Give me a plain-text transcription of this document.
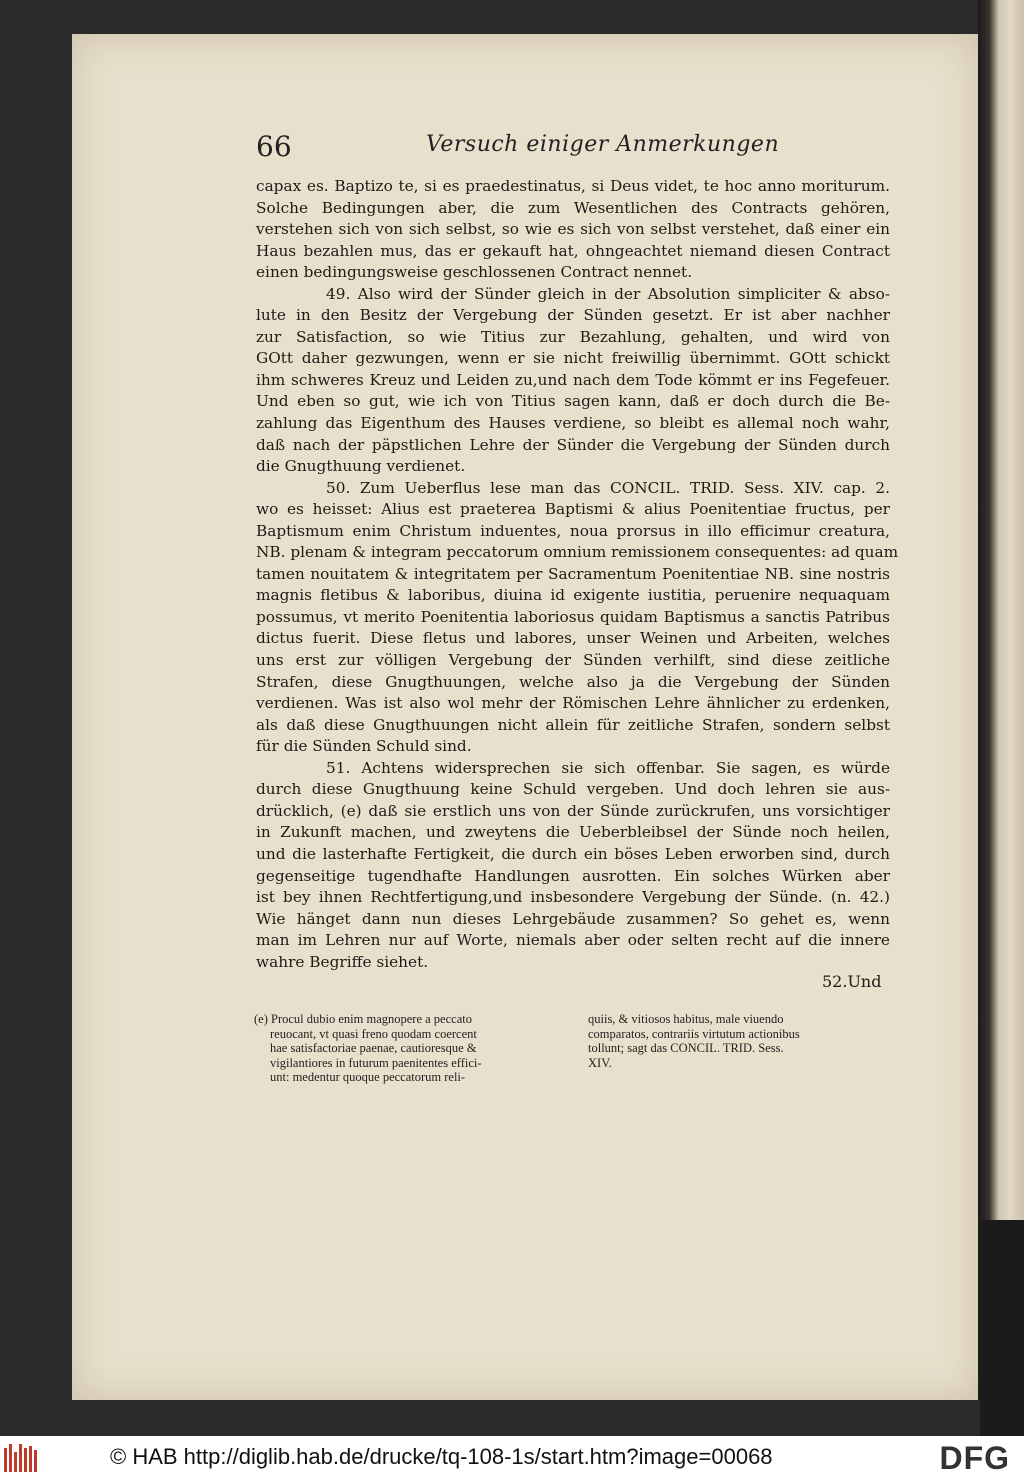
66	Versuch einiger Anmerkungen
capax es. Baptizo te, si es praedestinatus, si Deus videt, te hoc anno moriturum.
Solche Bedingungen aber, die zum Wesentlichen des Contracts gehören,
verstehen sich von sich selbst, so wie es sich von selbst verstehet, daß einer ein
Haus bezahlen mus, das er gekauft hat, ohngeachtet niemand diesen Contract
einen bedingungsweise geschlossenen Contract nennet.
49. Also wird der Sünder gleich in der Absolution simpliciter & abso-
lute in den Besitz der Vergebung der Sünden gesetzt. Er ist aber nachher
zur Satisfaction, so wie Titius zur Bezahlung, gehalten, und wird von
GOtt daher gezwungen, wenn er sie nicht freiwillig übernimmt. GOtt schickt
ihm schweres Kreuz und Leiden zu,und nach dem Tode kömmt er ins Fegefeuer.
Und eben so gut, wie ich von Titius sagen kann, daß er doch durch die Be-
zahlung das Eigenthum des Hauses verdiene, so bleibt es allemal noch wahr,
daß nach der päpstlichen Lehre der Sünder die Vergebung der Sünden durch
die Gnugthuung verdienet.
50. Zum Ueberflus lese man das CONCIL. TRID. Sess. XIV. cap. 2.
wo es heisset: Alius est praeterea Baptismi & alius Poenitentiae fructus, per
Baptismum enim Christum induentes, noua prorsus in illo efficimur creatura,
NB. plenam & integram peccatorum omnium remissionem consequentes: ad quam
tamen nouitatem & integritatem per Sacramentum Poenitentiae NB. sine nostris
magnis fletibus & laboribus, diuina id exigente iustitia, peruenire nequaquam
possumus, vt merito Poenitentia laboriosus quidam Baptismus a sanctis Patribus
dictus fuerit. Diese fletus und labores, unser Weinen und Arbeiten, welches
uns erst zur völligen Vergebung der Sünden verhilft, sind diese zeitliche
Strafen, diese Gnugthuungen, welche also ja die Vergebung der Sünden
verdienen. Was ist also wol mehr der Römischen Lehre ähnlicher zu erdenken,
als daß diese Gnugthuungen nicht allein für zeitliche Strafen, sondern selbst
für die Sünden Schuld sind.
51. Achtens widersprechen sie sich offenbar. Sie sagen, es würde
durch diese Gnugthuung keine Schuld vergeben. Und doch lehren sie aus-
drücklich, (e) daß sie erstlich uns von der Sünde zurückrufen, uns vorsichtiger
in Zukunft machen, und zweytens die Ueberbleibsel der Sünde noch heilen,
und die lasterhafte Fertigkeit, die durch ein böses Leben erworben sind, durch
gegenseitige tugendhafte Handlungen ausrotten. Ein solches Würken aber
ist bey ihnen Rechtfertigung,und insbesondere Vergebung der Sünde. (n. 42.)
Wie hänget dann nun dieses Lehrgebäude zusammen? So gehet es, wenn
man im Lehren nur auf Worte, niemals aber oder selten recht auf die innere
wahre Begriffe siehet.
52.Und
(e) Procul dubio enim magnopere a peccato
reuocant, vt quasi freno quodam coercent
hae satisfactoriae paenae, cautioresque &
vigilantiores in futurum paenitentes effici-
unt: medentur quoque peccatorum reli-
quiis, & vitiosos habitus, male viuendo
comparatos, contrariis virtutum actionibus
tollunt; sagt das CONCIL. TRID. Sess.
XIV.
© HAB http://diglib.hab.de/drucke/tq-108-1s/start.htm?image=00068	DFG
